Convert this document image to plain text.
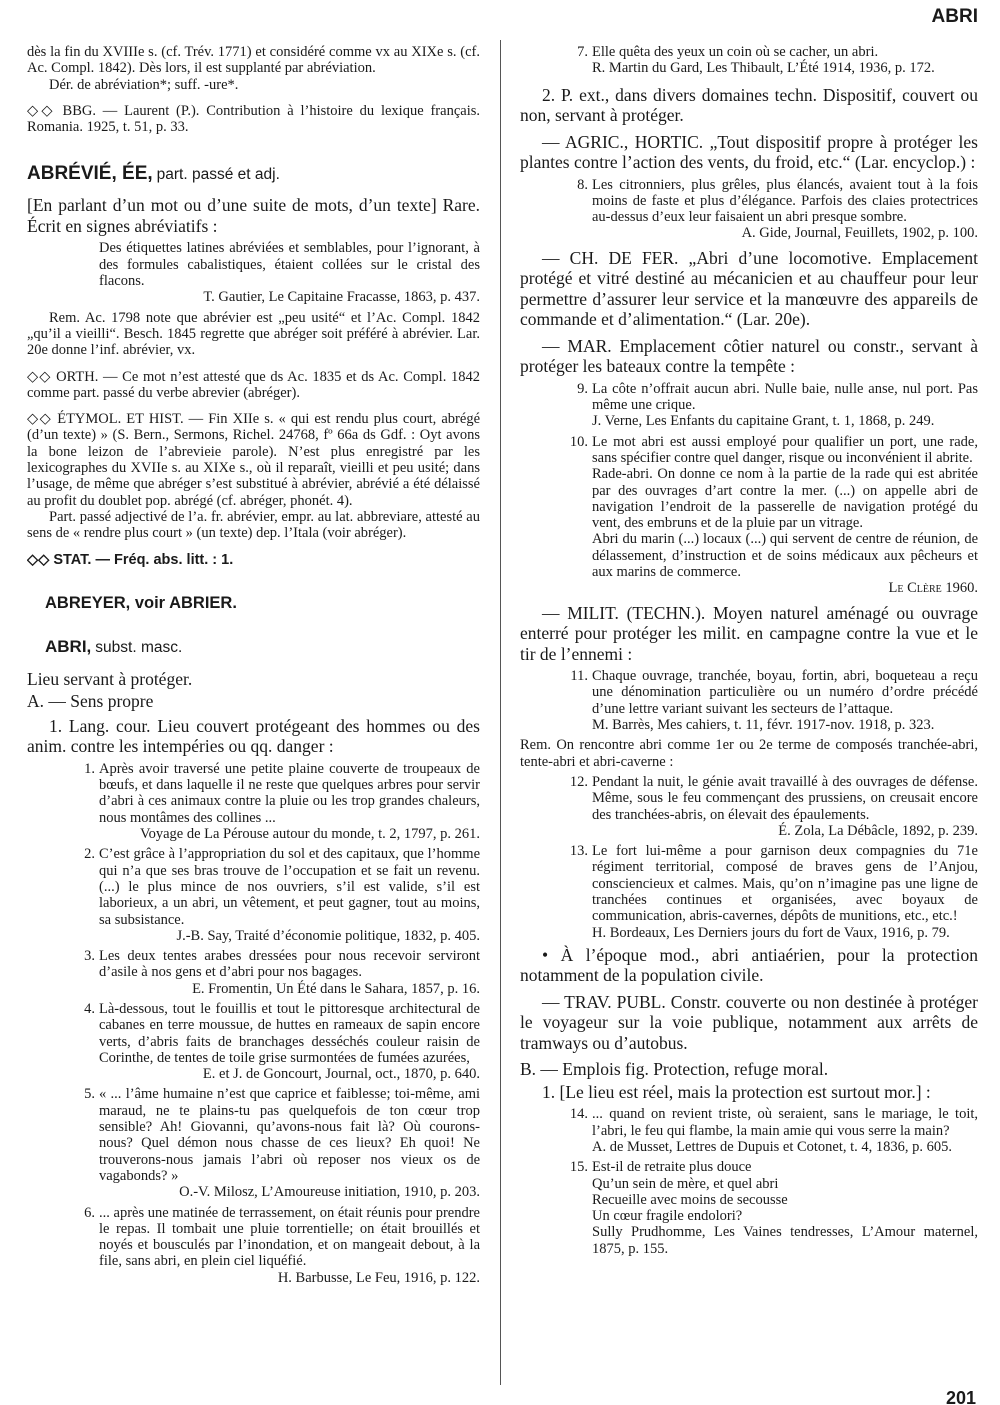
ABRI

dès la fin du XVIIIe s. (cf. Trév. 1771) et considéré comme vx au XIXe s. (cf. Ac. Compl. 1842). Dès lors, il est supplanté par abréviation.

Dér. de abréviation*; suff. -ure*.

◇◇ BBG. — Laurent (P.). Contribution à l’histoire du lexique français. Romania. 1925, t. 51, p. 33.

ABRÉVIÉ, ÉE, part. passé et adj.

[En parlant d’un mot ou d’une suite de mots, d’un texte] Rare. Écrit en signes abréviatifs :

Des étiquettes latines abréviées et semblables, pour l’ignorant, à des formules cabalistiques, étaient collées sur le cristal des flacons.
T. Gautier, Le Capitaine Fracasse, 1863, p. 437.

Rem. Ac. 1798 note que abrévier est „peu usité“ et l’Ac. Compl. 1842 „qu’il a vieilli“. Besch. 1845 regrette que abréger soit préféré à abrévier. Lar. 20e donne l’inf. abrévier, vx.

◇◇ ORTH. — Ce mot n’est attesté que ds Ac. 1835 et ds Ac. Compl. 1842 comme part. passé du verbe abrevier (abréger).

◇◇ ÉTYMOL. ET HIST. — Fin XIIe s. « qui est rendu plus court, abrégé (d’un texte) » (S. Bern., Sermons, Richel. 24768, fº 66a ds Gdf. : Oyt avons la bone leizon de l’abrevieie parole). N’est plus enregistré par les lexicographes du XVIIe s. au XIXe s., où il reparaît, vieilli et peu usité; dans l’usage, de même que abréger s’est substitué à abrévier, abrévié a été délaissé au profit du doublet pop. abrégé (cf. abréger, phonét. 4).

Part. passé adjectivé de l’a. fr. abrévier, empr. au lat. abbreviare, attesté au sens de « rendre plus court » (un texte) dep. l’Itala (voir abréger).

◇◇ STAT. — Fréq. abs. litt. : 1.

ABREYER, voir ABRIER.
ABRI, subst. masc.

Lieu servant à protéger.

A. — Sens propre

1. Lang. cour. Lieu couvert protégeant des hommes ou des anim. contre les intempéries ou qq. danger :

1. Après avoir traversé une petite plaine couverte de troupeaux de bœufs, et dans laquelle il ne reste que quelques arbres pour servir d’abri à ces animaux contre la pluie ou les trop grandes chaleurs, nous montâmes des collines ...
Voyage de La Pérouse autour du monde, t. 2, 1797, p. 261.
2. C’est grâce à l’appropriation du sol et des capitaux, que l’homme qui n’a que ses bras trouve de l’occupation et se fait un revenu. (...) le plus mince de nos ouvriers, s’il est valide, s’il est laborieux, a un abri, un vêtement, et peut gagner, tout au moins, sa subsistance.
J.-B. Say, Traité d’économie politique, 1832, p. 405.
3. Les deux tentes arabes dressées pour nous recevoir serviront d’asile à nos gens et d’abri pour nos bagages.
E. Fromentin, Un Été dans le Sahara, 1857, p. 16.
4. Là-dessous, tout le fouillis et tout le pittoresque architectural de cabanes en terre moussue, de huttes en rameaux de sapin encore verts, d’abris faits de branchages desséchés couleur raisin de Corinthe, de tentes de toile grise surmontées de fumées azurées,
E. et J. de Goncourt, Journal, oct., 1870, p. 640.
5. « ... l’âme humaine n’est que caprice et faiblesse; toi-même, ami maraud, ne te plains-tu pas quelquefois de ton cœur trop sensible? Ah! Giovanni, qu’avons-nous fait là? Où courons-nous? Quel démon nous chasse de ces lieux? Eh quoi! Ne trouverons-nous jamais l’abri où reposer nos vieux os de vagabonds? »
O.-V. Milosz, L’Amoureuse initiation, 1910, p. 203.
6. ... après une matinée de terrassement, on était réunis pour prendre le repas. Il tombait une pluie torrentielle; on était brouillés et noyés et bousculés par l’inondation, et on mangeait debout, à la file, sans abri, en plein ciel liquéfié.
H. Barbusse, Le Feu, 1916, p. 122.
7. Elle quêta des yeux un coin où se cacher, un abri.
R. Martin du Gard, Les Thibault, L’Été 1914, 1936, p. 172.

2. P. ext., dans divers domaines techn. Dispositif, couvert ou non, servant à protéger.

— AGRIC., HORTIC. „Tout dispositif propre à protéger les plantes contre l’action des vents, du froid, etc.“ (Lar. encyclop.) :

8. Les citronniers, plus grêles, plus élancés, avaient tout à la fois moins de faste et plus d’élégance. Parfois des claies protectrices au-dessus d’eux leur faisaient un abri presque sombre.
A. Gide, Journal, Feuillets, 1902, p. 100.

— CH. DE FER. „Abri d’une locomotive. Emplacement protégé et vitré destiné au mécanicien et au chauffeur pour leur permettre d’assurer leur service et la manœuvre des appareils de commande et d’alimentation.“ (Lar. 20e).

— MAR. Emplacement côtier naturel ou constr., servant à protéger les bateaux contre la tempête :

9. La côte n’offrait aucun abri. Nulle baie, nulle anse, nul port. Pas même une crique.
J. Verne, Les Enfants du capitaine Grant, t. 1, 1868, p. 249.
10. Le mot abri est aussi employé pour qualifier un port, une rade, sans spécifier contre quel danger, risque ou inconvénient il abrite.
Rade-abri. On donne ce nom à la partie de la rade qui est abritée par des ouvrages d’art contre la mer. (...) on appelle abri de navigation l’endroit de la passerelle de navigation protégé du vent, des embruns et de la pluie par un vitrage.
Abri du marin (...) locaux (...) qui servent de centre de réunion, de délassement, d’instruction et de soins médicaux aux pêcheurs et aux marins de commerce.
Le Clère 1960.

— MILIT. (TECHN.). Moyen naturel aménagé ou ouvrage enterré pour protéger les milit. en campagne contre la vue et le tir de l’ennemi :

11. Chaque ouvrage, tranchée, boyau, fortin, abri, boqueteau a reçu une dénomination particulière ou un numéro d’ordre précédé d’une lettre variant suivant les secteurs de l’attaque.
M. Barrès, Mes cahiers, t. 11, févr. 1917-nov. 1918, p. 323.

Rem. On rencontre abri comme 1er ou 2e terme de composés tranchée-abri, tente-abri et abri-caverne :

12. Pendant la nuit, le génie avait travaillé à des ouvrages de défense. Même, sous le feu commençant des prussiens, on creusait encore des tranchées-abris, on élevait des épaulements.
É. Zola, La Débâcle, 1892, p. 239.
13. Le fort lui-même a pour garnison deux compagnies du 71e régiment territorial, composé de braves gens de l’Anjou, consciencieux et calmes. Mais, qu’on n’imagine pas une ligne de tranchées continues et organisées, avec boyaux de communication, abris-cavernes, dépôts de munitions, etc., etc.!
H. Bordeaux, Les Derniers jours du fort de Vaux, 1916, p. 79.

• À l’époque mod., abri antiaérien, pour la protection notamment de la population civile.

— TRAV. PUBL. Constr. couverte ou non destinée à protéger le voyageur sur la voie publique, notamment aux arrêts de tramways ou d’autobus.

B. — Emplois fig. Protection, refuge moral.

1. [Le lieu est réel, mais la protection est surtout mor.] :

14. ... quand on revient triste, où seraient, sans le mariage, le toit, l’abri, le feu qui flambe, la main amie qui vous serre la main?
A. de Musset, Lettres de Dupuis et Cotonet, t. 4, 1836, p. 605.
15. Est-il de retraite plus douce
Qu’un sein de mère, et quel abri
Recueille avec moins de secousse
Un cœur fragile endolori?
Sully Prudhomme, Les Vaines tendresses, L’Amour maternel, 1875, p. 155.
201
